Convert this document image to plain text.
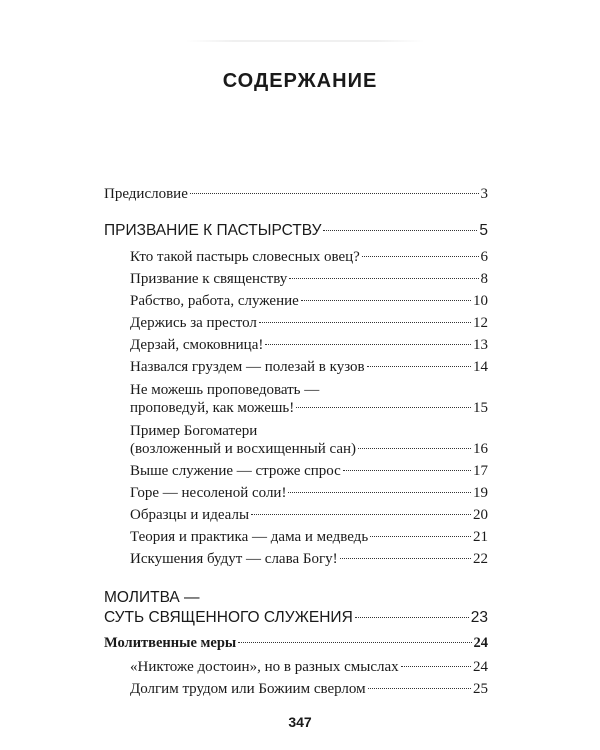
СОДЕРЖАНИЕ
Предисловие	3
ПРИЗВАНИЕ К ПАСТЫРСТВУ	5
Кто такой пастырь словесных овец?	6
Призвание к священству	8
Рабство, работа, служение	10
Держись за престол	12
Дерзай, смоковница!	13
Назвался груздем — полезай в кузов	14
Не можешь проповедовать —
проповедуй, как можешь!	15
Пример Богоматери
(возложенный и восхищенный сан)	16
Выше служение — строже спрос	17
Горе — несоленой соли!	19
Образцы и идеалы	20
Теория и практика — дама и медведь	21
Искушения будут — слава Богу!	22
МОЛИТВА —
СУТЬ СВЯЩЕННОГО СЛУЖЕНИЯ	23
Молитвенные меры	24
«Никтоже достоин», но в разных смыслах	24
Долгим трудом или Божиим сверлом	25
347
